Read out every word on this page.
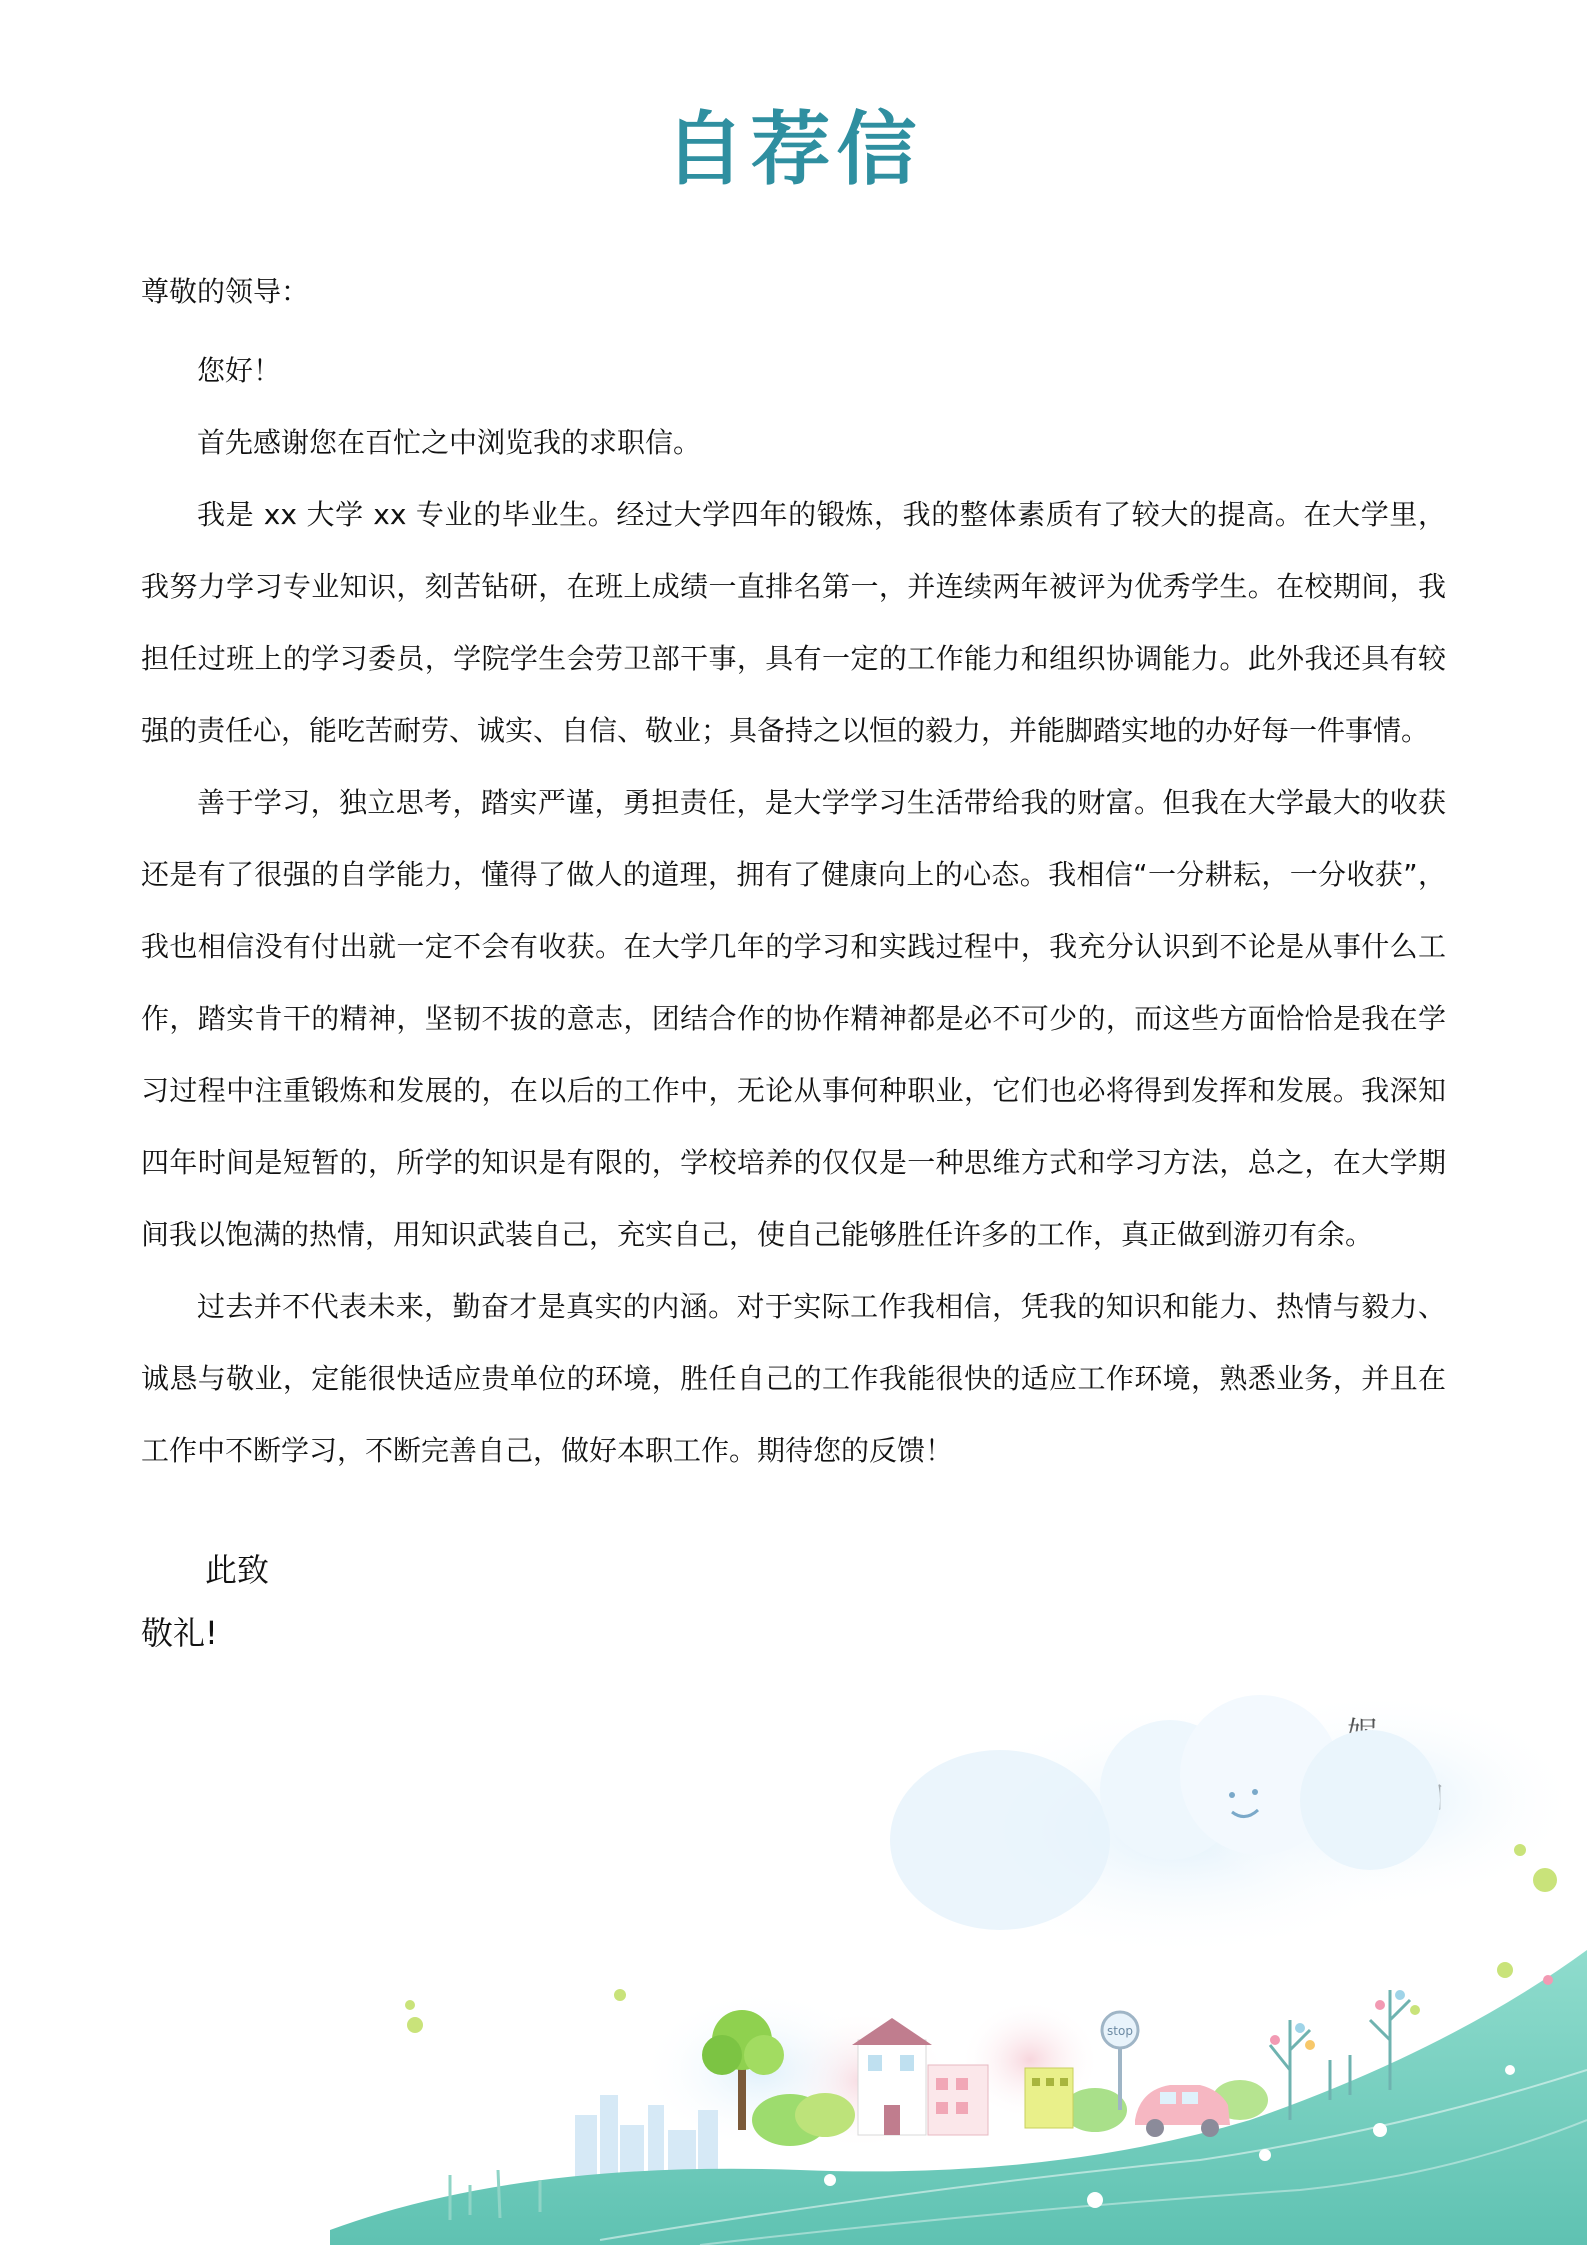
自荐信
尊敬的领导：

您好！

首先感谢您在百忙之中浏览我的求职信。

我是 xx 大学 xx 专业的毕业生。经过大学四年的锻炼，我的整体素质有了较大的提高。在大学里，我努力学习专业知识，刻苦钻研，在班上成绩一直排名第一，并连续两年被评为优秀学生。在校期间，我担任过班上的学习委员，学院学生会劳卫部干事，具有一定的工作能力和组织协调能力。此外我还具有较强的责任心，能吃苦耐劳、诚实、自信、敬业；具备持之以恒的毅力，并能脚踏实地的办好每一件事情。

善于学习，独立思考，踏实严谨，勇担责任，是大学学习生活带给我的财富。但我在大学最大的收获还是有了很强的自学能力，懂得了做人的道理，拥有了健康向上的心态。我相信“一分耕耘，一分收获”，我也相信没有付出就一定不会有收获。在大学几年的学习和实践过程中，我充分认识到不论是从事什么工作，踏实肯干的精神，坚韧不拔的意志，团结合作的协作精神都是必不可少的，而这些方面恰恰是我在学习过程中注重锻炼和发展的，在以后的工作中，无论从事何种职业，它们也必将得到发挥和发展。我深知四年时间是短暂的，所学的知识是有限的，学校培养的仅仅是一种思维方式和学习方法，总之，在大学期间我以饱满的热情，用知识武装自己，充实自己，使自己能够胜任许多的工作，真正做到游刃有余。

过去并不代表未来，勤奋才是真实的内涵。对于实际工作我相信，凭我的知识和能力、热情与毅力、诚恳与敬业，定能很快适应贵单位的环境，胜任自己的工作我能很快的适应工作环境，熟悉业务，并且在工作中不断学习，不断完善自己，做好本职工作。期待您的反馈！

此致
敬礼!
stop
